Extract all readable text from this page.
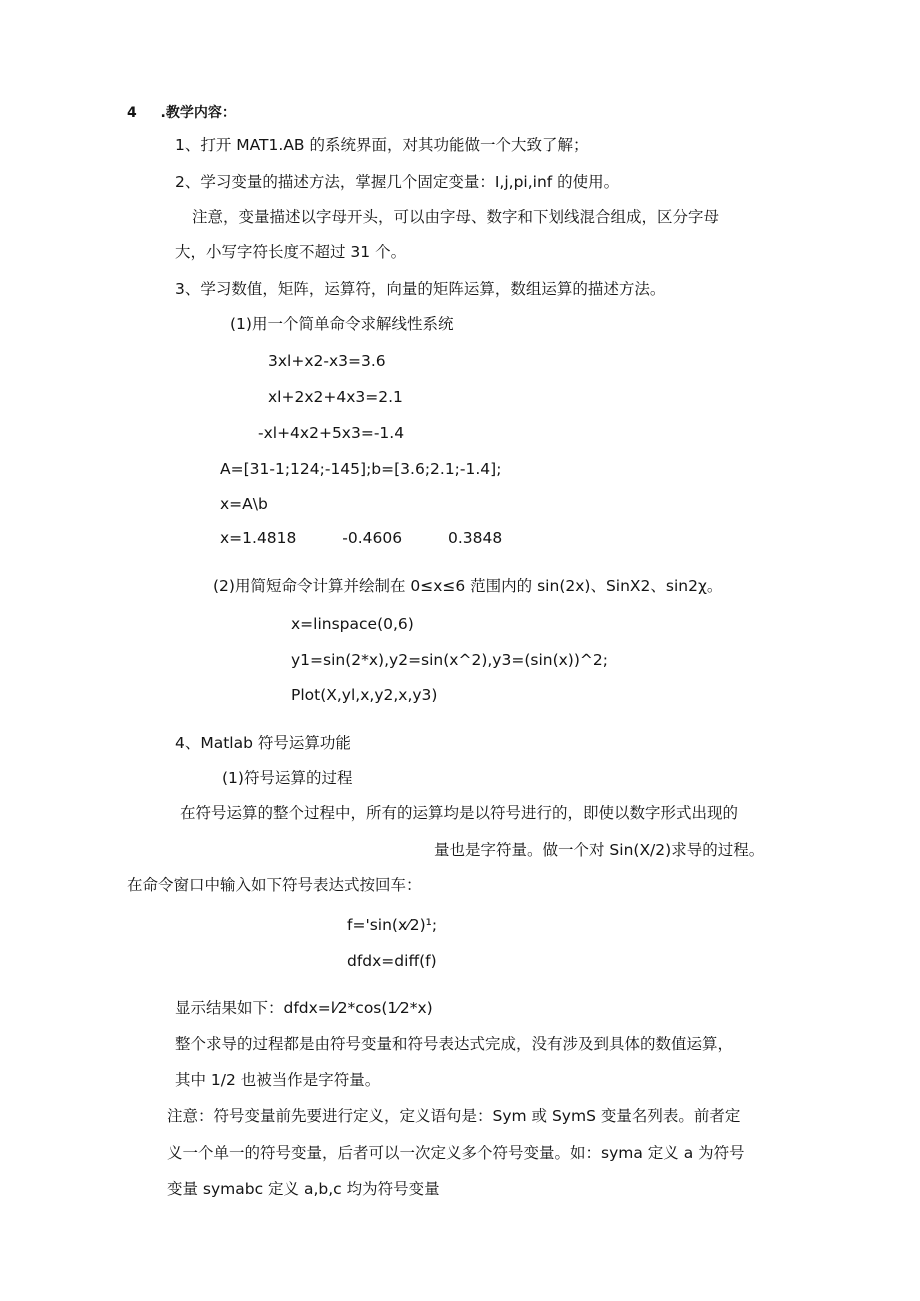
4 .教学内容：
1、打开 MAT1.AB 的系统界面，对其功能做一个大致了解；
2、学习变量的描述方法，掌握几个固定变量：I,j,pi,inf 的使用。
注意，变量描述以字母开头，可以由字母、数字和下划线混合组成，区分字母
大，小写字符长度不超过 31 个。
3、学习数值，矩阵，运算符，向量的矩阵运算，数组运算的描述方法。
(1)用一个简单命令求解线性系统
3xl+x2-x3=3.6
xl+2x2+4x3=2.1
-xl+4x2+5x3=-1.4
A=[31-1;124;-145];b=[3.6;2.1;-1.4];
x=A\b
x=1.4818	-0.4606	0.3848
(2)用简短命令计算并绘制在 0≤x≤6 范围内的 sin(2x)、SinX2、sin2χ。
x=linspace(0,6)
y1=sin(2*x),y2=sin(x^2),y3=(sin(x))^2;
Plot(X,yl,x,y2,x,y3)
4、Matlab 符号运算功能
(1)符号运算的过程
在符号运算的整个过程中，所有的运算均是以符号进行的，即使以数字形式出现的
量也是字符量。做一个对 Sin(X/2)求导的过程。
在命令窗口中输入如下符号表达式按回车：
f='sin(x⁄2)¹;
dfdx=diff(f)
显示结果如下：dfdx=l⁄2*cos(1⁄2*x)
整个求导的过程都是由符号变量和符号表达式完成，没有涉及到具体的数值运算，
其中 1/2 也被当作是字符量。
注意：符号变量前先要进行定义，定义语句是：Sym 或 SymS 变量名列表。前者定
义一个单一的符号变量，后者可以一次定义多个符号变量。如：syma 定义 a 为符号
变量 symabc 定义 a,b,c 均为符号变量
